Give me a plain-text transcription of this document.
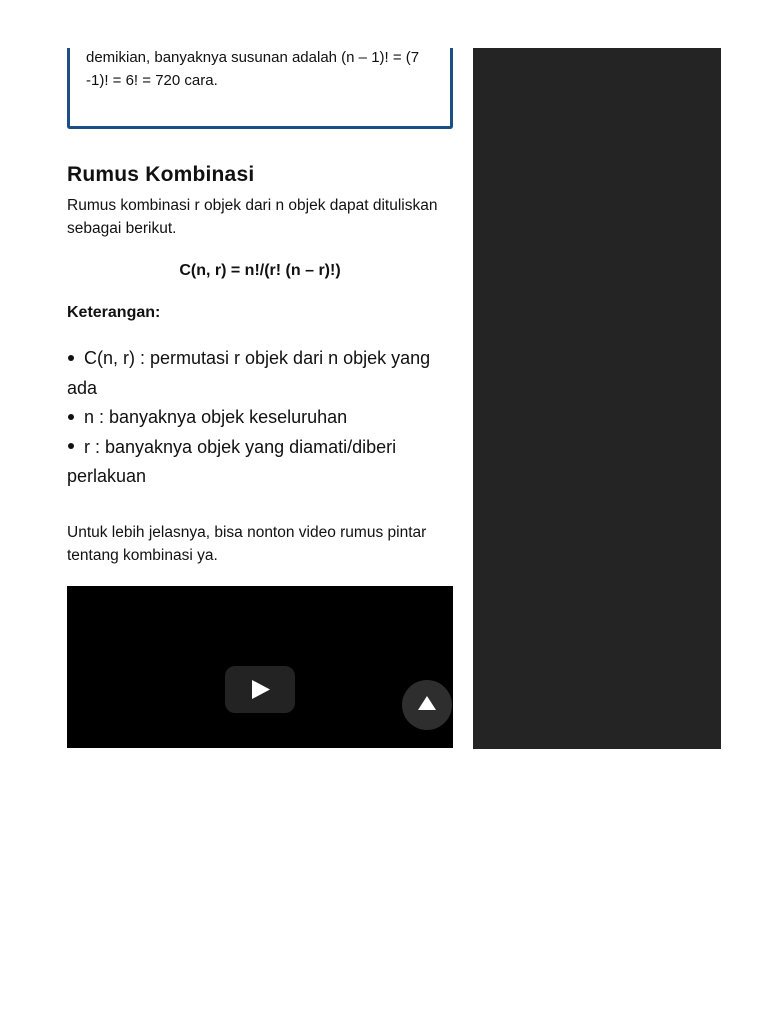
demikian, banyaknya susunan adalah (n – 1)! = (7 -1)! = 6! = 720 cara.

Rumus Kombinasi

Rumus kombinasi r objek dari n objek dapat dituliskan sebagai berikut.

C(n, r) = n!/(r! (n – r)!)

Keterangan:

C(n, r) : permutasi r objek dari n objek yang ada
n : banyaknya objek keseluruhan
r : banyaknya objek yang diamati/diberi perlakuan

Untuk lebih jelasnya, bisa nonton video rumus pintar tentang kombinasi ya.
